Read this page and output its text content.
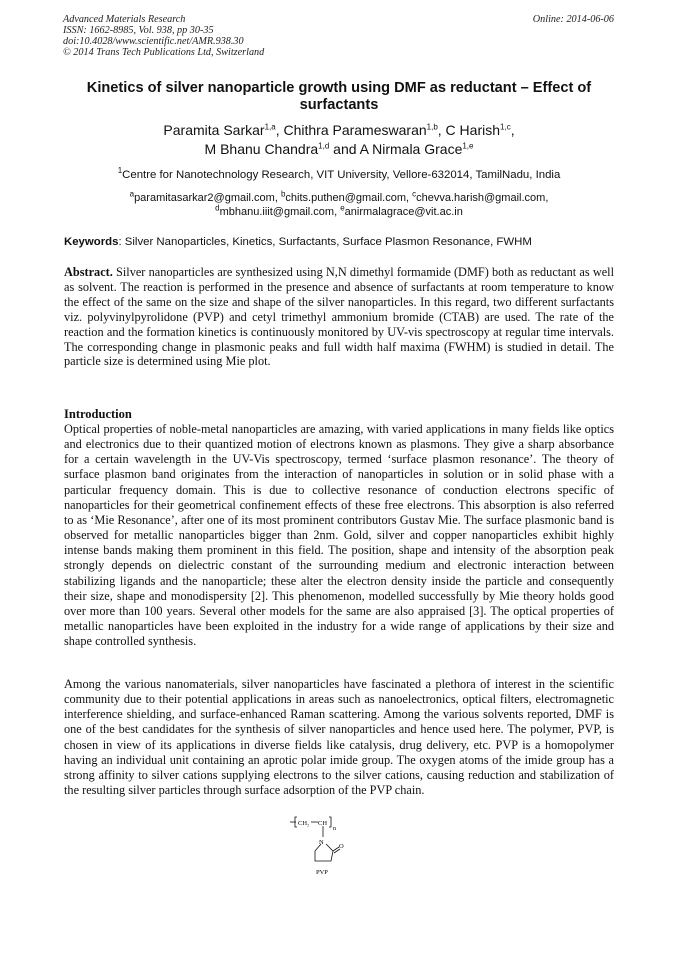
Advanced Materials Research
ISSN: 1662-8985, Vol. 938, pp 30-35
doi:10.4028/www.scientific.net/AMR.938.30
© 2014 Trans Tech Publications Ltd, Switzerland
Online: 2014-06-06
Kinetics of silver nanoparticle growth using DMF as reductant – Effect of surfactants
Paramita Sarkar$^{1,a}$, Chithra Parameswaran$^{1,b}$, C Harish$^{1,c}$,
M Bhanu Chandra$^{1,d}$ and A Nirmala Grace$^{1,e}$
$^1$Centre for Nanotechnology Research, VIT University, Vellore-632014, TamilNadu, India
$^a$paramitasarkar2@gmail.com, $^b$chits.puthen@gmail.com, $^c$chevva.harish@gmail.com,
$^d$mbhanu.iiit@gmail.com, $^e$anirmalagrace@vit.ac.in
Keywords: Silver Nanoparticles, Kinetics, Surfactants, Surface Plasmon Resonance, FWHM
Abstract. Silver nanoparticles are synthesized using N,N dimethyl formamide (DMF) both as reductant as well as solvent. The reaction is performed in the presence and absence of surfactants at room temperature to know the effect of the same on the size and shape of the silver nanoparticles. In this regard, two different surfactants viz. polyvinylpyrolidone (PVP) and cetyl trimethyl ammonium bromide (CTAB) are used. The rate of the reaction and the formation kinetics is continuously monitored by UV-vis spectroscopy at regular time intervals. The corresponding change in plasmonic peaks and full width half maxima (FWHM) is studied in detail. The particle size is determined using Mie plot.
Introduction
Optical properties of noble-metal nanoparticles are amazing, with varied applications in many fields like optics and electronics due to their quantized motion of electrons known as plasmons. They give a sharp absorbance for a certain wavelength in the UV-Vis spectroscopy, termed ‘surface plasmon resonance’. The theory of surface plasmon band originates from the interaction of nanoparticles in solution or in solid phase with a particular frequency domain. This is due to collective resonance of conduction electrons specific of nanoparticles for their geometrical confinement effects of these free electrons. This absorption is also referred to as ‘Mie Resonance’, after one of its most prominent contributors Gustav Mie. The surface plasmonic band is observed for metallic nanoparticles bigger than 2nm. Gold, silver and copper nanoparticles exhibit highly intense bands making them prominent in this field. The position, shape and intensity of the absorption peak strongly depends on dielectric constant of the surrounding medium and electronic interaction between stabilizing ligands and the nanoparticle; these alter the electron density inside the particle and consequently their size, shape and monodispersity [2]. This phenomenon, modelled successfully by Mie theory holds good over more than 100 years. Several other models for the same are also appraised [3]. The optical properties of metallic nanoparticles have been exploited in the industry for a wide range of applications by their size and shape controlled synthesis.
Among the various nanomaterials, silver nanoparticles have fascinated a plethora of interest in the scientific community due to their potential applications in areas such as nanoelectronics, optical filters, electromagnetic interference shielding, and surface-enhanced Raman scattering. Among the various solvents reported, DMF is one of the best candidates for the synthesis of silver nanoparticles and hence used here. The polymer, PVP, is chosen in view of its applications in diverse fields like catalysis, drug delivery, etc. PVP is a homopolymer having an individual unit containing an aprotic polar imide group. The oxygen atoms of the imide group has a strong affinity to silver cations supplying electrons to the silver cations, causing reduction and stabilization of the resulting silver particles through surface adsorption of the PVP chain.
CH₂ CH
n
N
O
PVP
